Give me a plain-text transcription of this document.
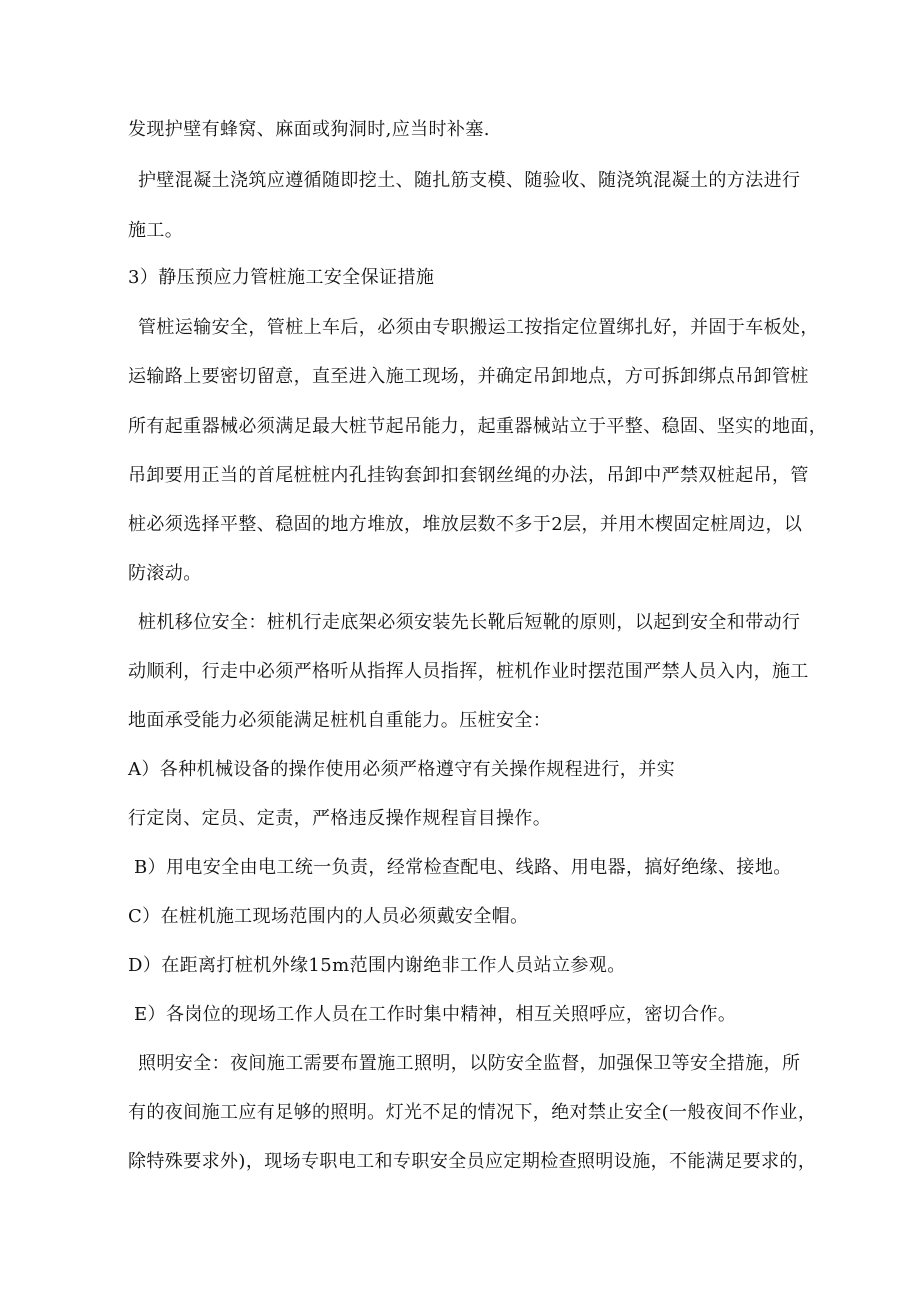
发现护壁有蜂窝、麻面或狗洞时,应当时补塞.
护壁混凝土浇筑应遵循随即挖土、随扎筋支模、随验收、随浇筑混凝土的方法进行
施工。
3）静压预应力管桩施工安全保证措施
管桩运输安全，管桩上车后，必须由专职搬运工按指定位置绑扎好，并固于车板处，
运输路上要密切留意，直至进入施工现场，并确定吊卸地点，方可拆卸绑点吊卸管桩
所有起重器械必须满足最大桩节起吊能力，起重器械站立于平整、稳固、坚实的地面，
吊卸要用正当的首尾桩桩内孔挂钩套卸扣套钢丝绳的办法，吊卸中严禁双桩起吊，管
桩必须选择平整、稳固的地方堆放，堆放层数不多于2层，并用木楔固定桩周边，以
防滚动。
桩机移位安全：桩机行走底架必须安装先长靴后短靴的原则，以起到安全和带动行
动顺利，行走中必须严格听从指挥人员指挥，桩机作业时摆范围严禁人员入内，施工
地面承受能力必须能满足桩机自重能力。压桩安全：
A）各种机械设备的操作使用必须严格遵守有关操作规程进行，并实
行定岗、定员、定责，严格违反操作规程盲目操作。
B）用电安全由电工统一负责，经常检查配电、线路、用电器，搞好绝缘、接地。
C）在桩机施工现场范围内的人员必须戴安全帽。
D）在距离打桩机外缘15m范围内谢绝非工作人员站立参观。
E）各岗位的现场工作人员在工作时集中精神，相互关照呼应，密切合作。
照明安全：夜间施工需要布置施工照明，以防安全监督，加强保卫等安全措施，所
有的夜间施工应有足够的照明。灯光不足的情况下，绝对禁止安全(一般夜间不作业，
除特殊要求外)，现场专职电工和专职安全员应定期检查照明设施，不能满足要求的，
